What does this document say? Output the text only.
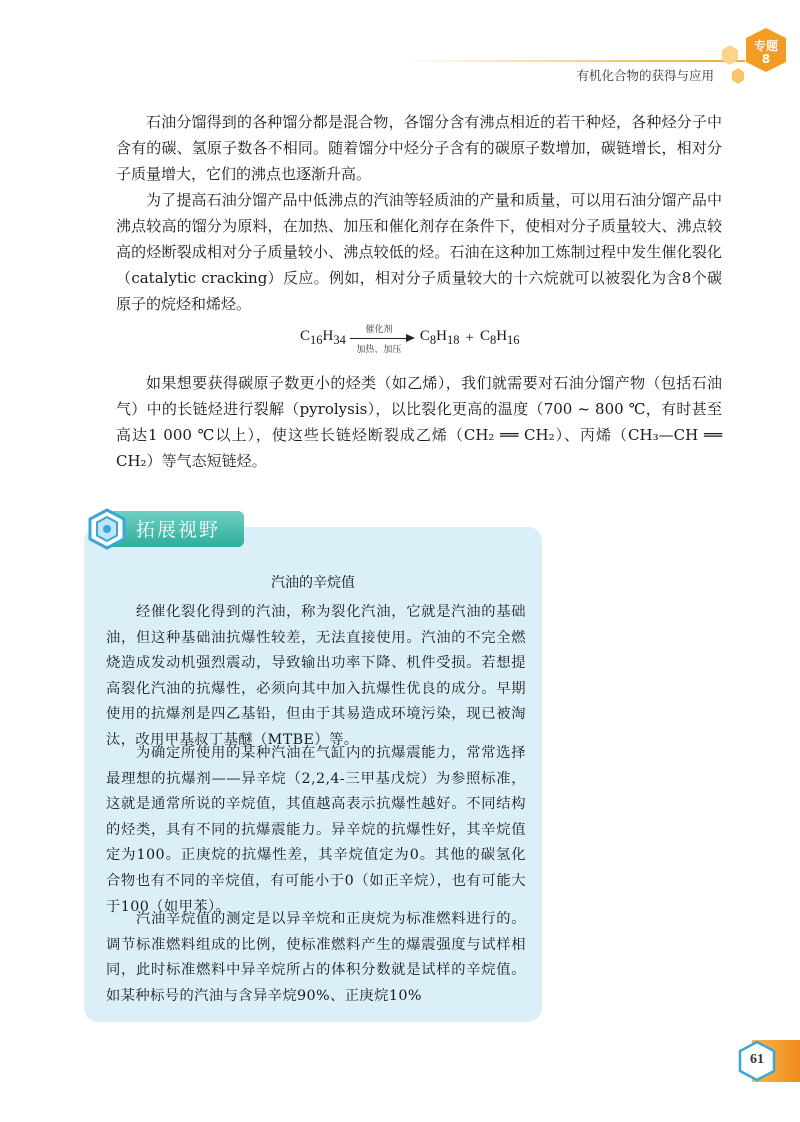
有机化合物的获得与应用
专题
8

石油分馏得到的各种馏分都是混合物，各馏分含有沸点相近的若干种烃，各种烃分子中含有的碳、氢原子数各不相同。随着馏分中烃分子含有的碳原子数增加，碳链增长，相对分子质量增大，它们的沸点也逐渐升高。

为了提高石油分馏产品中低沸点的汽油等轻质油的产量和质量，可以用石油分馏产品中沸点较高的馏分为原料，在加热、加压和催化剂存在条件下，使相对分子质量较大、沸点较高的烃断裂成相对分子质量较小、沸点较低的烃。石油在这种加工炼制过程中发生催化裂化（catalytic cracking）反应。例如，相对分子质量较大的十六烷就可以被裂化为含8个碳原子的烷烃和烯烃。

$C_{16}H_{34}$
催化剂
加热、加压
$C_8H_{18} + C_8H_{16}$

如果想要获得碳原子数更小的烃类（如乙烯），我们就需要对石油分馏产物（包括石油气）中的长链烃进行裂解（pyrolysis），以比裂化更高的温度（700 ~ 800 ℃，有时甚至高达1 000 ℃以上），使这些长链烃断裂成乙烯（CH₂ ══ CH₂）、丙烯（CH₃—CH ══ CH₂）等气态短链烃。

拓展视野
汽油的辛烷值

经催化裂化得到的汽油，称为裂化汽油，它就是汽油的基础油，但这种基础油抗爆性较差，无法直接使用。汽油的不完全燃烧造成发动机强烈震动，导致输出功率下降、机件受损。若想提高裂化汽油的抗爆性，必须向其中加入抗爆性优良的成分。早期使用的抗爆剂是四乙基铅，但由于其易造成环境污染，现已被淘汰，改用甲基叔丁基醚（MTBE）等。

为确定所使用的某种汽油在气缸内的抗爆震能力，常常选择最理想的抗爆剂——异辛烷（2,2,4-三甲基戊烷）为参照标准，这就是通常所说的辛烷值，其值越高表示抗爆性越好。不同结构的烃类，具有不同的抗爆震能力。异辛烷的抗爆性好，其辛烷值定为100。正庚烷的抗爆性差，其辛烷值定为0。其他的碳氢化合物也有不同的辛烷值，有可能小于0（如正辛烷），也有可能大于100（如甲苯）。

汽油辛烷值的测定是以异辛烷和正庚烷为标准燃料进行的。调节标准燃料组成的比例，使标准燃料产生的爆震强度与试样相同，此时标准燃料中异辛烷所占的体积分数就是试样的辛烷值。如某种标号的汽油与含异辛烷90%、正庚烷10%

61
